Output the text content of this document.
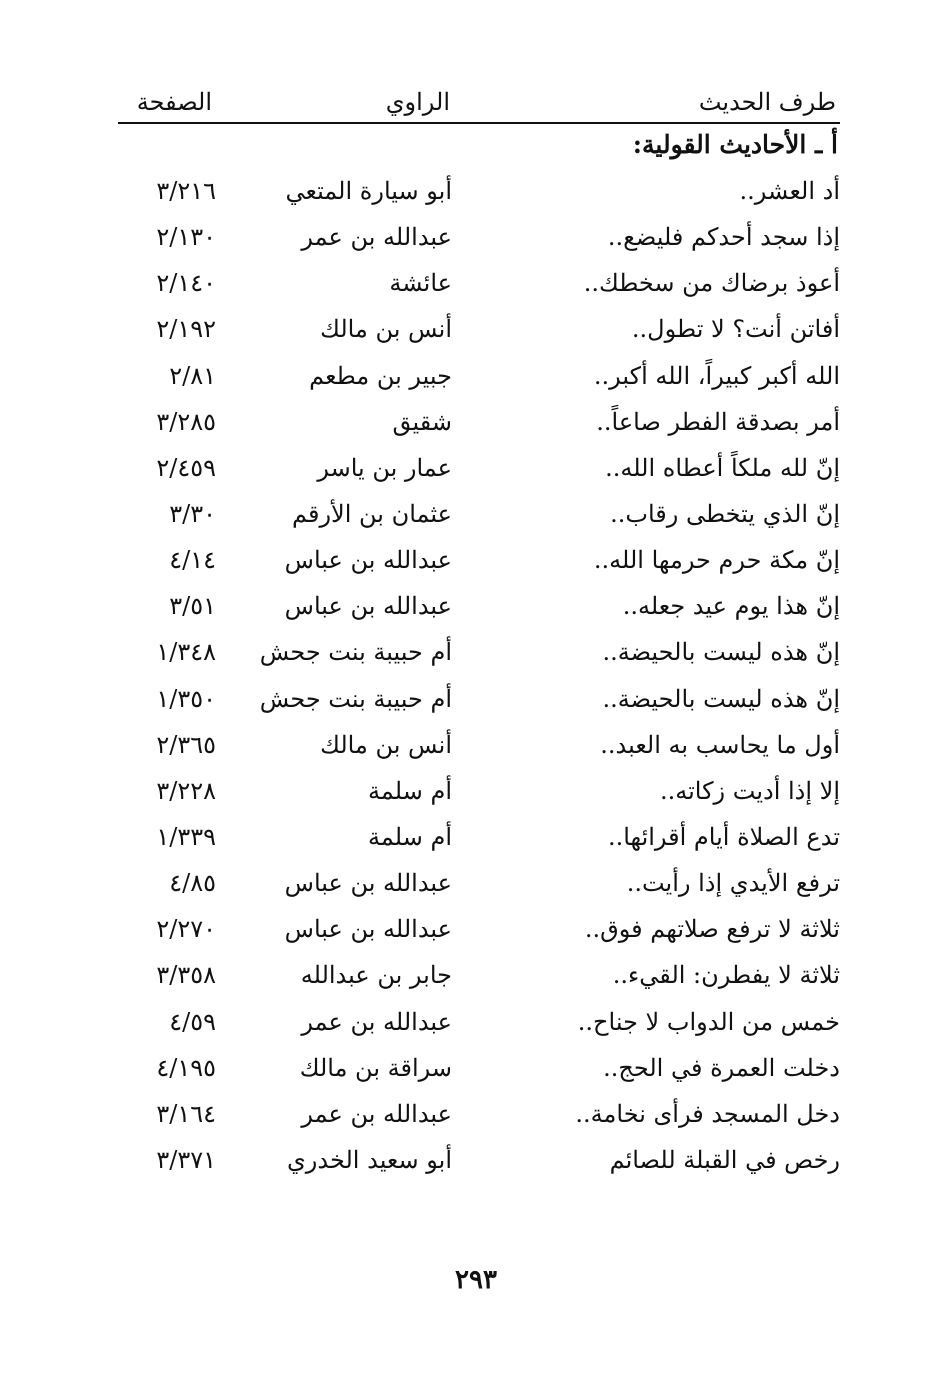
طرف الحديث
الراوي
الصفحة
أ ـ الأحاديث القولية:
أد العشر..
أبو سيارة المتعي
٣/٢١٦
إذا سجد أحدكم فليضع..
عبدالله بن عمر
٢/١٣٠
أعوذ برضاك من سخطك..
عائشة
٢/١٤٠
أفاتن أنت؟ لا تطول..
أنس بن مالك
٢/١٩٢
الله أكبر كبيراً، الله أكبر..
جبير بن مطعم
٢/٨١
أمر بصدقة الفطر صاعاً..
شقيق
٣/٢٨٥
إنّ لله ملكاً أعطاه الله..
عمار بن ياسر
٢/٤٥٩
إنّ الذي يتخطى رقاب..
عثمان بن الأرقم
٣/٣٠
إنّ مكة حرم حرمها الله..
عبدالله بن عباس
٤/١٤
إنّ هذا يوم عيد جعله..
عبدالله بن عباس
٣/٥١
إنّ هذه ليست بالحيضة..
أم حبيبة بنت جحش
١/٣٤٨
إنّ هذه ليست بالحيضة..
أم حبيبة بنت جحش
١/٣٥٠
أول ما يحاسب به العبد..
أنس بن مالك
٢/٣٦٥
إلا إذا أديت زكاته..
أم سلمة
٣/٢٢٨
تدع الصلاة أيام أقرائها..
أم سلمة
١/٣٣٩
ترفع الأيدي إذا رأيت..
عبدالله بن عباس
٤/٨٥
ثلاثة لا ترفع صلاتهم فوق..
عبدالله بن عباس
٢/٢٧٠
ثلاثة لا يفطرن: القيء..
جابر بن عبدالله
٣/٣٥٨
خمس من الدواب لا جناح..
عبدالله بن عمر
٤/٥٩
دخلت العمرة في الحج..
سراقة بن مالك
٤/١٩٥
دخل المسجد فرأى نخامة..
عبدالله بن عمر
٣/١٦٤
رخص في القبلة للصائم
أبو سعيد الخدري
٣/٣٧١
٢٩٣
